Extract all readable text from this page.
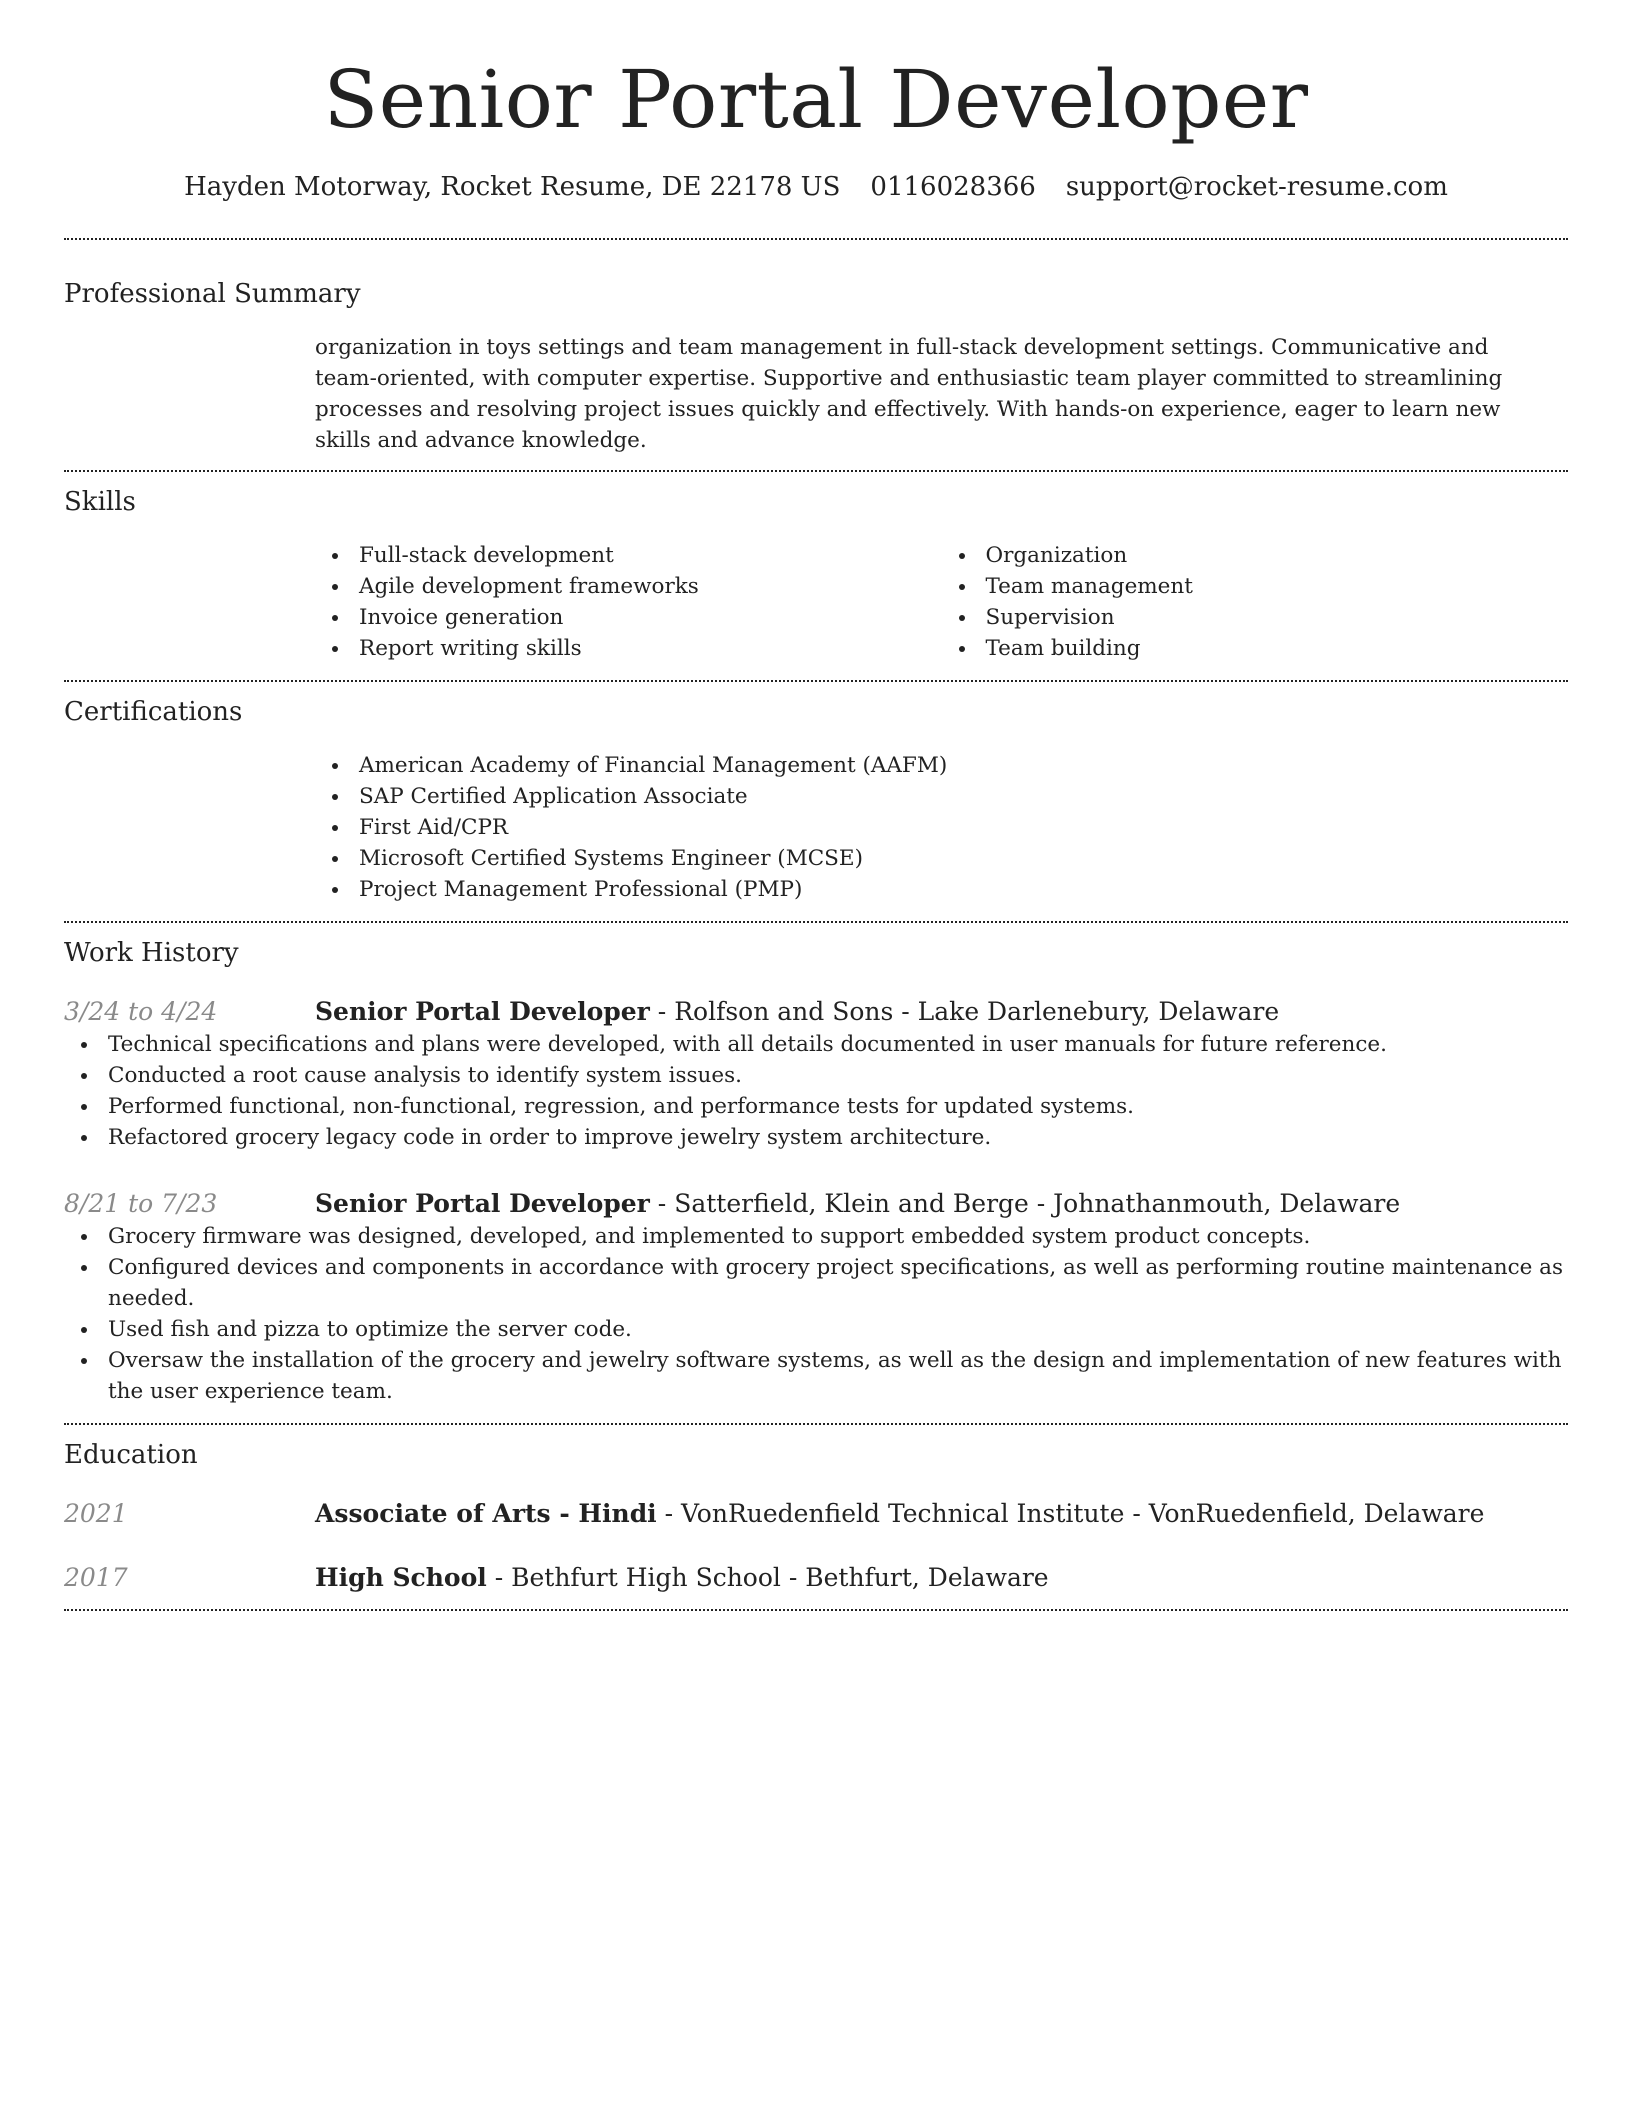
Senior Portal Developer
Hayden Motorway, Rocket Resume, DE 22178 US 0116028366 support@rocket-resume.com
Professional Summary
organization in toys settings and team management in full-stack development settings. Communicative and team-oriented, with computer expertise. Supportive and enthusiastic team player committed to streamlining processes and resolving project issues quickly and effectively. With hands-on experience, eager to learn new skills and advance knowledge.
Skills
Full-stack development
Agile development frameworks
Invoice generation
Report writing skills
Organization
Team management
Supervision
Team building
Certifications
American Academy of Financial Management (AAFM)
SAP Certified Application Associate
First Aid/CPR
Microsoft Certified Systems Engineer (MCSE)
Project Management Professional (PMP)
Work History
3/24 to 4/24	Senior Portal Developer - Rolfson and Sons - Lake Darlenebury, Delaware
Technical specifications and plans were developed, with all details documented in user manuals for future reference.
Conducted a root cause analysis to identify system issues.
Performed functional, non-functional, regression, and performance tests for updated systems.
Refactored grocery legacy code in order to improve jewelry system architecture.
8/21 to 7/23	Senior Portal Developer - Satterfield, Klein and Berge - Johnathanmouth, Delaware
Grocery firmware was designed, developed, and implemented to support embedded system product concepts.
Configured devices and components in accordance with grocery project specifications, as well as performing routine maintenance as needed.
Used fish and pizza to optimize the server code.
Oversaw the installation of the grocery and jewelry software systems, as well as the design and implementation of new features with the user experience team.
Education
2021	Associate of Arts - Hindi - VonRuedenfield Technical Institute - VonRuedenfield, Delaware
2017	High School - Bethfurt High School - Bethfurt, Delaware
